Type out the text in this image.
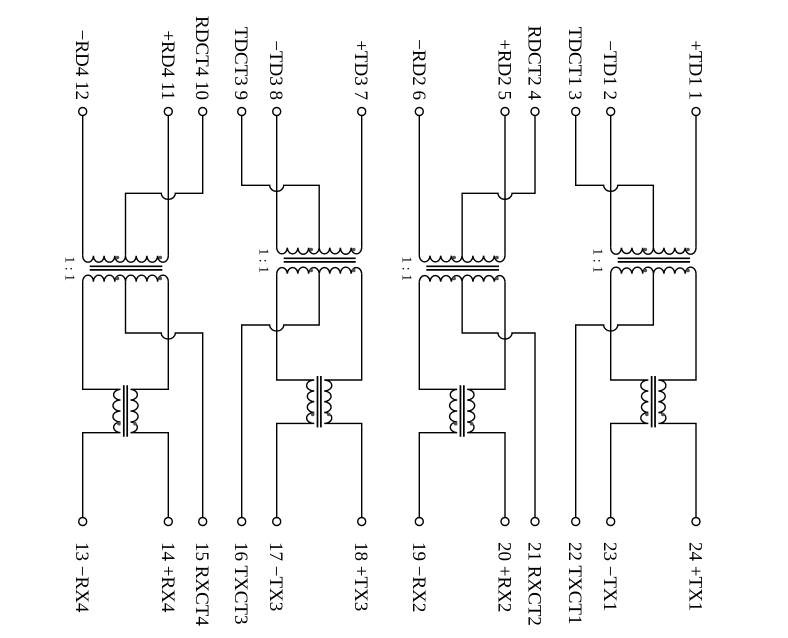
−RD4 12
13 −RX4
+RD4 11
14 +RX4
RDCT4 10
15 RXCT4
1 : 1
TDCT3 9
16 TXCT3
−TD3 8
17 −TX3
+TD3 7
18 +TX3
1 : 1
−RD2 6
19 −RX2
+RD2 5
20 +RX2
RDCT2 4
21 RXCT2
1 : 1
TDCT1 3
22 TXCT1
−TD1 2
23 −TX1
+TD1 1
24 +TX1
1 : 1
